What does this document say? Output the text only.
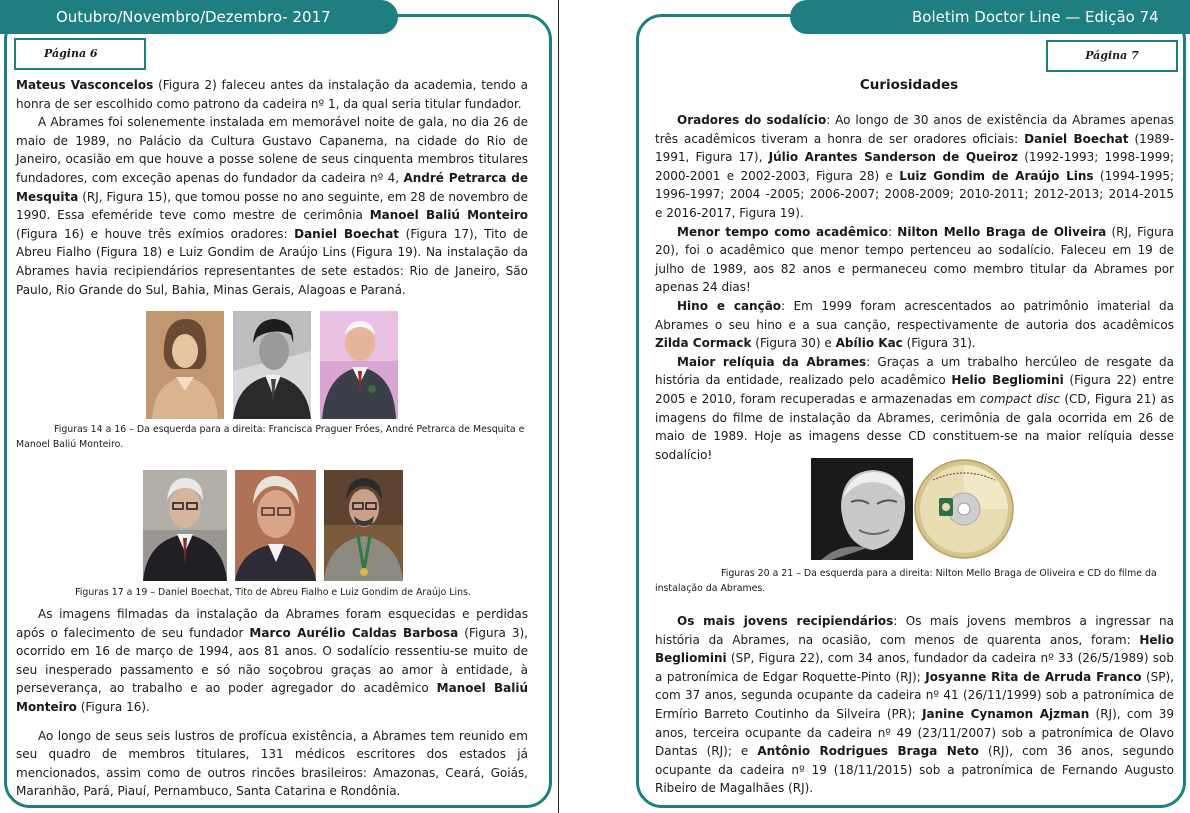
Outubro/Novembro/Dezembro- 2017
Página 6

Mateus Vasconcelos (Figura 2) faleceu antes da instalação da academia, tendo a honra de ser escolhido como patrono da cadeira nº 1, da qual seria titular fundador.

A Abrames foi solenemente instalada em memorável noite de gala, no dia 26 de maio de 1989, no Palácio da Cultura Gustavo Capanema, na cidade do Rio de Janeiro, ocasião em que houve a posse solene de seus cinquenta membros titulares fundadores, com exceção apenas do fundador da cadeira nº 4, André Petrarca de Mesquita (RJ, Figura 15), que tomou posse no ano seguinte, em 28 de novembro de 1990. Essa efeméride teve como mestre de cerimônia Manoel Baliú Monteiro (Figura 16) e houve três exímios oradores: Daniel Boechat (Figura 17), Tito de Abreu Fialho (Figura 18) e Luiz Gondim de Araújo Lins (Figura 19). Na instalação da Abrames havia recipiendários representantes de sete estados: Rio de Janeiro, São Paulo, Rio Grande do Sul, Bahia, Minas Gerais, Alagoas e Paraná.

Figuras 14 a 16 – Da esquerda para a direita: Francisca Praguer Fróes, André Petrarca de Mesquita e Manoel Baliú Monteiro.
Figuras 17 a 19 – Daniel Boechat, Tito de Abreu Fialho e Luiz Gondim de Araújo Lins.

As imagens filmadas da instalação da Abrames foram esquecidas e perdidas após o falecimento de seu fundador Marco Aurélio Caldas Barbosa (Figura 3), ocorrido em 16 de março de 1994, aos 81 anos. O sodalício ressentiu-se muito de seu inesperado passamento e só não soçobrou graças ao amor à entidade, à perseverança, ao trabalho e ao poder agregador do acadêmico Manoel Baliú Monteiro (Figura 16).

Ao longo de seus seis lustros de profícua existência, a Abrames tem reunido em seu quadro de membros titulares, 131 médicos escritores dos estados já mencionados, assim como de outros rincões brasileiros: Amazonas, Ceará, Goiás, Maranhão, Pará, Piauí, Pernambuco, Santa Catarina e Rondônia.

Boletim Doctor Line — Edição 74
Página 7
Curiosidades

Oradores do sodalício: Ao longo de 30 anos de existência da Abrames apenas três acadêmicos tiveram a honra de ser oradores oficiais: Daniel Boechat (1989-1991, Figura 17), Júlio Arantes Sanderson de Queiroz (1992-1993; 1998-1999; 2000-2001 e 2002-2003, Figura 28) e Luiz Gondim de Araújo Lins (1994-1995; 1996-1997; 2004 -2005; 2006-2007; 2008-2009; 2010-2011; 2012-2013; 2014-2015 e 2016-2017, Figura 19).

Menor tempo como acadêmico: Nilton Mello Braga de Oliveira (RJ, Figura 20), foi o acadêmico que menor tempo pertenceu ao sodalício. Faleceu em 19 de julho de 1989, aos 82 anos e permaneceu como membro titular da Abrames por apenas 24 dias!

Hino e canção: Em 1999 foram acrescentados ao patrimônio imaterial da Abrames o seu hino e a sua canção, respectivamente de autoria dos acadêmicos Zilda Cormack (Figura 30) e Abílio Kac (Figura 31).

Maior relíquia da Abrames: Graças a um trabalho hercúleo de resgate da história da entidade, realizado pelo acadêmico Helio Begliomini (Figura 22) entre 2005 e 2010, foram recuperadas e armazenadas em compact disc (CD, Figura 21) as imagens do filme de instalação da Abrames, cerimônia de gala ocorrida em 26 de maio de 1989. Hoje as imagens desse CD constituem-se na maior relíquia desse sodalício!

Figuras 20 a 21 – Da esquerda para a direita: Nilton Mello Braga de Oliveira e CD do filme da instalação da Abrames.

Os mais jovens recipiendários: Os mais jovens membros a ingressar na história da Abrames, na ocasião, com menos de quarenta anos, foram: Helio Begliomini (SP, Figura 22), com 34 anos, fundador da cadeira nº 33 (26/5/1989) sob a patronímica de Edgar Roquette-Pinto (RJ); Josyanne Rita de Arruda Franco (SP), com 37 anos, segunda ocupante da cadeira nº 41 (26/11/1999) sob a patronímica de Ermírio Barreto Coutinho da Silveira (PR); Janine Cynamon Ajzman (RJ), com 39 anos, terceira ocupante da cadeira nº 49 (23/11/2007) sob a patronímica de Olavo Dantas (RJ); e Antônio Rodrigues Braga Neto (RJ), com 36 anos, segundo ocupante da cadeira nº 19 (18/11/2015) sob a patronímica de Fernando Augusto Ribeiro de Magalhães (RJ).
